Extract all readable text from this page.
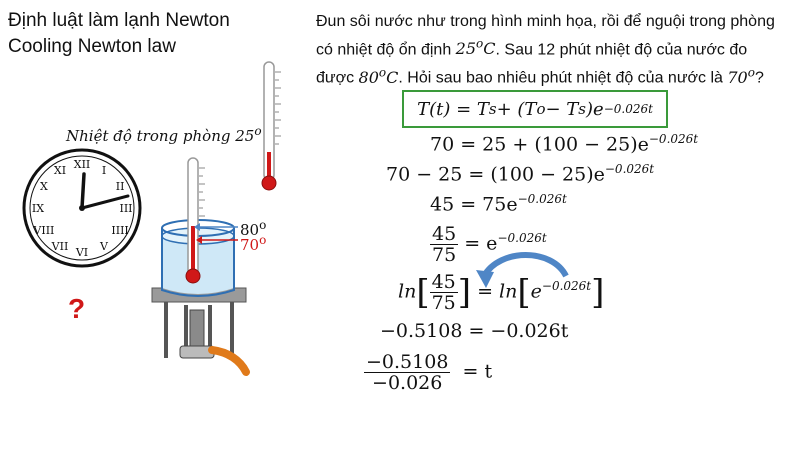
Định luật làm lạnh Newton
Cooling Newton law
Đun sôi nước như trong hình minh họa, rồi để nguội trong phòng
có nhiệt độ ổn định 25$^o$C. Sau 12 phút nhiệt độ của nước đo
được 80$^o$C. Hỏi sau bao nhiêu phút nhiệt độ của nước là 70$^o$?
Nhiệt độ trong phòng 25$^o$
XII I
II
III
IIII
V
VI
VII
VIII
IX
X
XI
80$^o$
70$^o$
?
T(t) = T s + (T o − T s )e −0.026t
$70 = 25 + (100 - 25)e^{-0.026t}$
$70 - 25 = (100 - 25)e^{-0.026t}$
$45 = 75e^{-0.026t}$
$\frac{45}{75} = e^{-0.026t}$
$\ln[ \frac{45}{75}$ ] = $\ln[e^{-0.026t}]$
−0.5108 = −0.026t
$\frac{-0.5108}{-0.026} = t$
